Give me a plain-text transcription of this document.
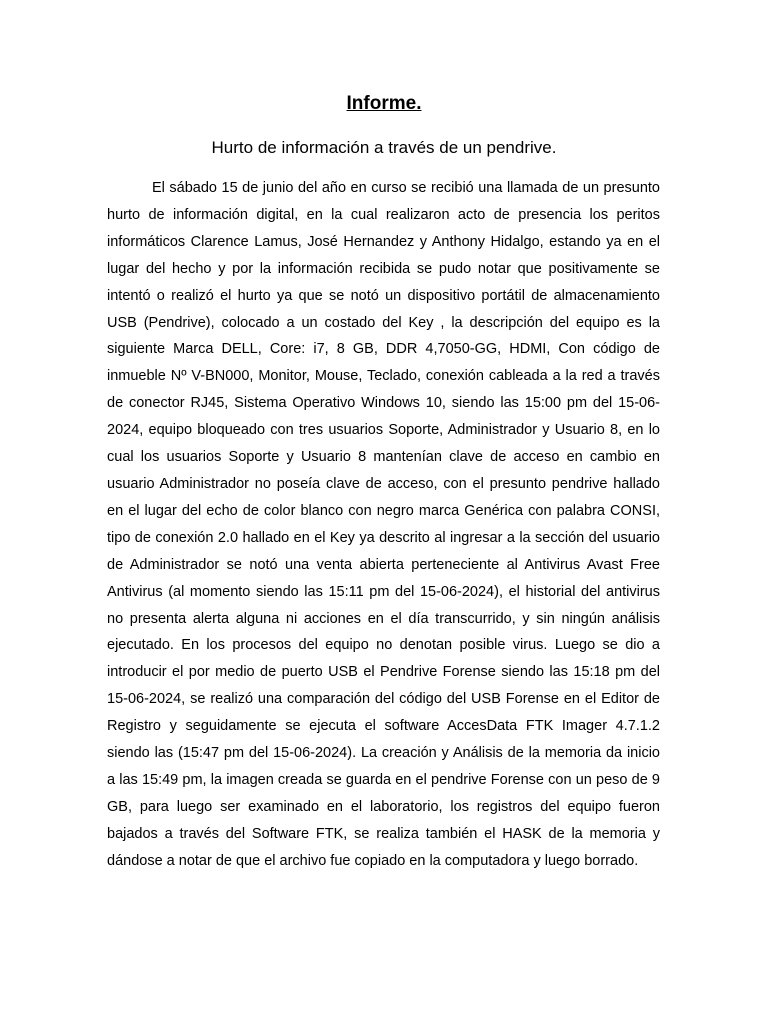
Informe.
Hurto de información a través de un pendrive.

El sábado 15 de junio del año en curso se recibió una llamada de un presunto hurto de información digital, en la cual realizaron acto de presencia los peritos informáticos Clarence Lamus, José Hernandez y Anthony Hidalgo, estando ya en el lugar del hecho y por la información recibida se pudo notar que positivamente se intentó o realizó el hurto ya que se notó un dispositivo portátil de almacenamiento USB (Pendrive), colocado a un costado del Key , la descripción del equipo es la siguiente Marca DELL, Core: i7, 8 GB, DDR 4,7050-GG, HDMI, Con código de inmueble Nº V-BN000, Monitor, Mouse, Teclado, conexión cableada a la red a través de conector RJ45, Sistema Operativo Windows 10, siendo las 15:00 pm del 15-06-2024, equipo bloqueado con tres usuarios Soporte, Administrador y Usuario 8, en lo cual los usuarios Soporte y Usuario 8 mantenían clave de acceso en cambio en usuario Administrador no poseía clave de acceso, con el presunto pendrive hallado en el lugar del echo de color blanco con negro marca Genérica con palabra CONSI, tipo de conexión 2.0 hallado en el Key ya descrito al ingresar a la sección del usuario de Administrador se notó una venta abierta perteneciente al Antivirus Avast Free Antivirus (al momento siendo las 15:11 pm del 15-06-2024), el historial del antivirus no presenta alerta alguna ni acciones en el día transcurrido, y sin ningún análisis ejecutado. En los procesos del equipo no denotan posible virus. Luego se dio a introducir el por medio de puerto USB el Pendrive Forense siendo las 15:18 pm del 15-06-2024, se realizó una comparación del código del USB Forense en el Editor de Registro y seguidamente se ejecuta el software AccesData FTK Imager 4.7.1.2 siendo las (15:47 pm del 15-06-2024). La creación y Análisis de la memoria da inicio a las 15:49 pm, la imagen creada se guarda en el pendrive Forense con un peso de 9 GB, para luego ser examinado en el laboratorio, los registros del equipo fueron bajados a través del Software FTK, se realiza también el HASK de la memoria y dándose a notar de que el archivo fue copiado en la computadora y luego borrado.
